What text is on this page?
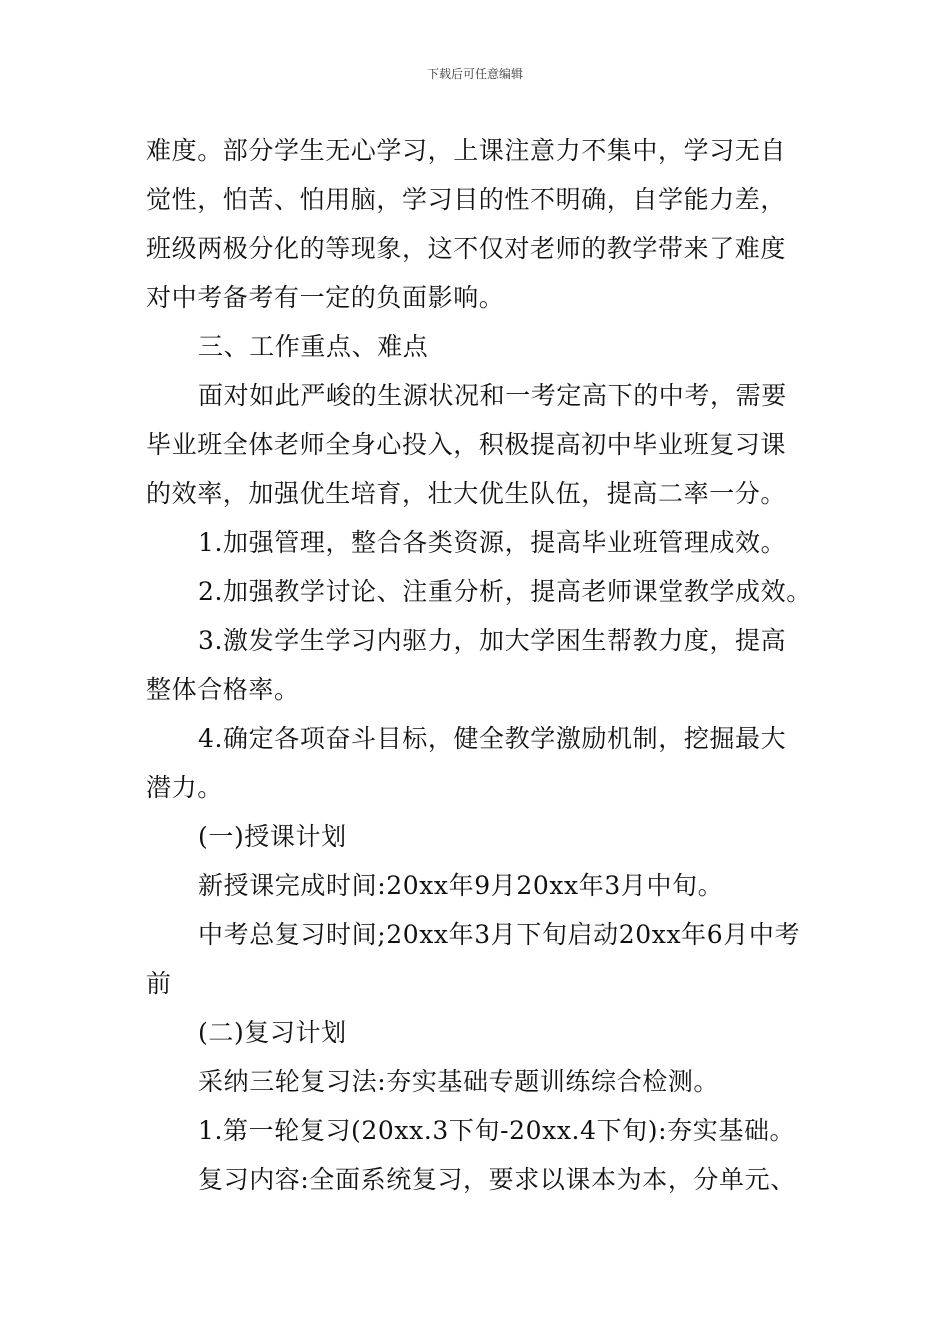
下载后可任意编辑
难度。部分学生无心学习，上课注意力不集中，学习无自
觉性，怕苦、怕用脑，学习目的性不明确，自学能力差，
班级两极分化的等现象，这不仅对老师的教学带来了难度
对中考备考有一定的负面影响。
三、工作重点、难点
面对如此严峻的生源状况和一考定高下的中考，需要
毕业班全体老师全身心投入，积极提高初中毕业班复习课
的效率，加强优生培育，壮大优生队伍，提高二率一分。
1.加强管理，整合各类资源，提高毕业班管理成效。
2.加强教学讨论、注重分析，提高老师课堂教学成效。
3.激发学生学习内驱力，加大学困生帮教力度，提高
整体合格率。
4.确定各项奋斗目标，健全教学激励机制，挖掘最大
潜力。
(一)授课计划
新授课完成时间:20xx年9月20xx年3月中旬。
中考总复习时间;20xx年3月下旬启动20xx年6月中考
前
(二)复习计划
采纳三轮复习法:夯实基础专题训练综合检测。
1.第一轮复习(20xx.3下旬-20xx.4下旬):夯实基础。
复习内容:全面系统复习，要求以课本为本，分单元、
